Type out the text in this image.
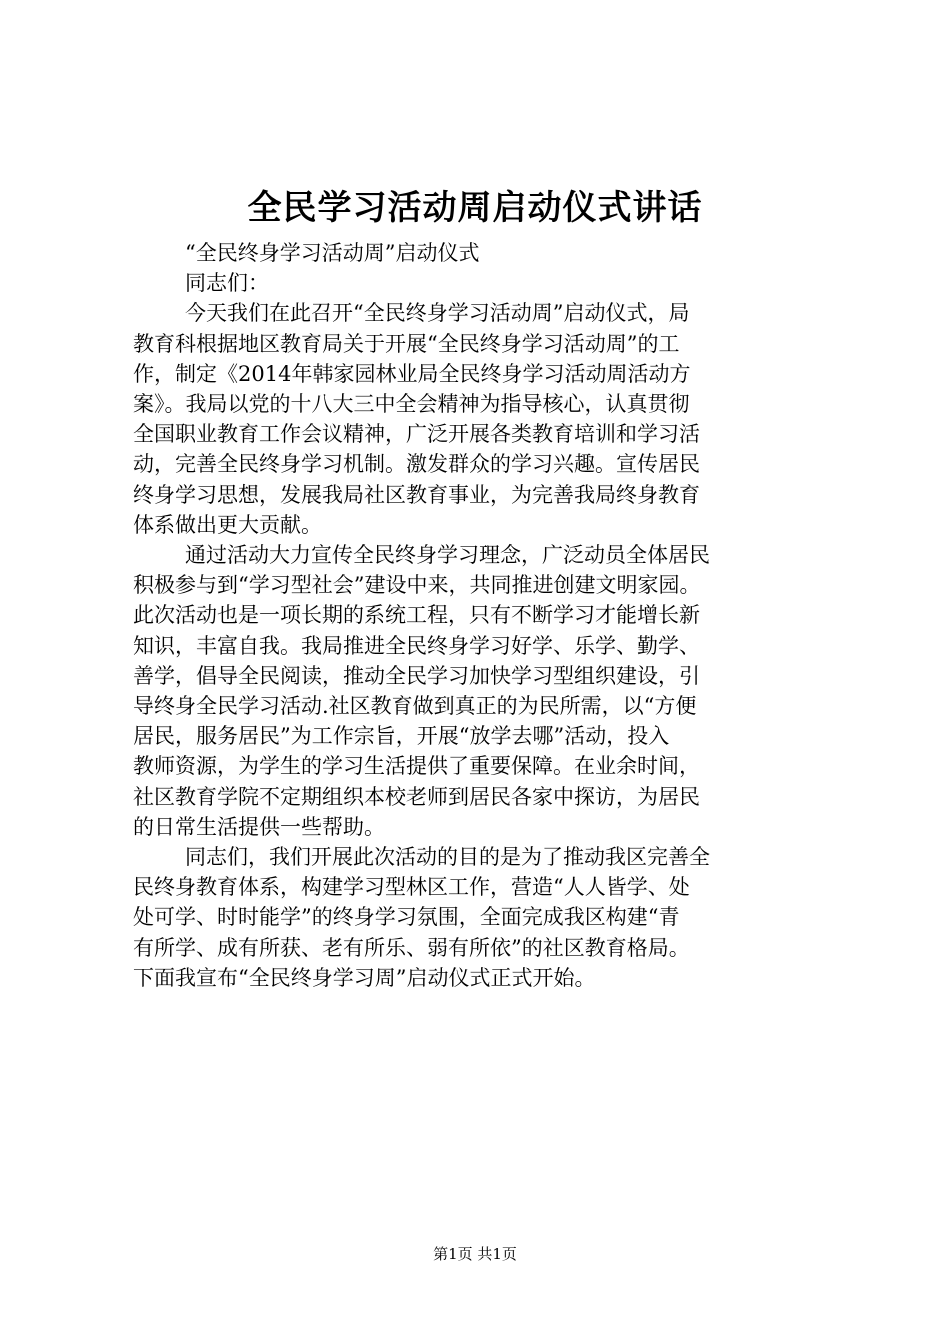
全民学习活动周启动仪式讲话
“全民终身学习活动周”启动仪式
同志们：
今天我们在此召开“全民终身学习活动周”启动仪式，局
教育科根据地区教育局关于开展“全民终身学习活动周”的工
作，制定《2014年韩家园林业局全民终身学习活动周活动方
案》。我局以党的十八大三中全会精神为指导核心，认真贯彻
全国职业教育工作会议精神，广泛开展各类教育培训和学习活
动，完善全民终身学习机制。激发群众的学习兴趣。宣传居民
终身学习思想，发展我局社区教育事业，为完善我局终身教育
体系做出更大贡献。
通过活动大力宣传全民终身学习理念，广泛动员全体居民
积极参与到“学习型社会”建设中来，共同推进创建文明家园。
此次活动也是一项长期的系统工程，只有不断学习才能增长新
知识，丰富自我。我局推进全民终身学习好学、乐学、勤学、
善学，倡导全民阅读，推动全民学习加快学习型组织建设，引
导终身全民学习活动.社区教育做到真正的为民所需，以“方便
居民，服务居民”为工作宗旨，开展“放学去哪”活动，投入
教师资源，为学生的学习生活提供了重要保障。在业余时间，
社区教育学院不定期组织本校老师到居民各家中探访，为居民
的日常生活提供一些帮助。
同志们，我们开展此次活动的目的是为了推动我区完善全
民终身教育体系，构建学习型林区工作，营造“人人皆学、处
处可学、时时能学”的终身学习氛围，全面完成我区构建“青
有所学、成有所获、老有所乐、弱有所依”的社区教育格局。
下面我宣布“全民终身学习周”启动仪式正式开始。
第1页 共1页
